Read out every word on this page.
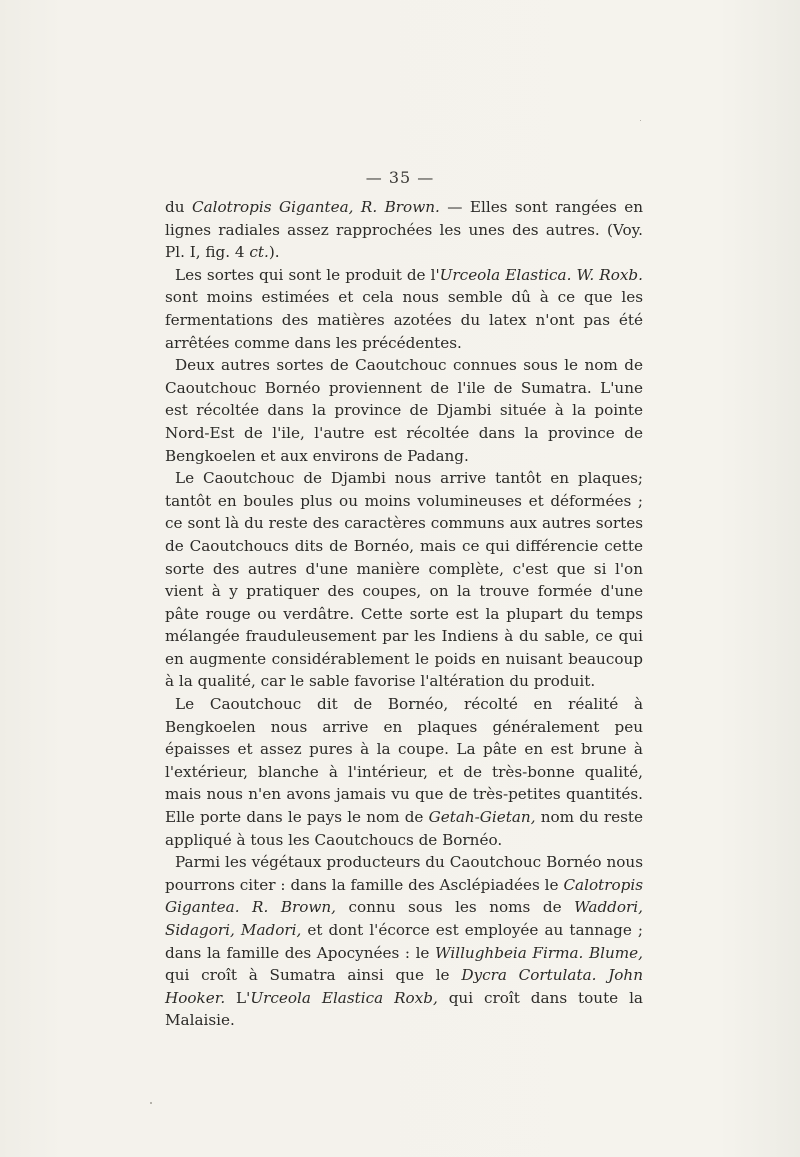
— 35 —

du Calotropis Gigantea, R. Brown. — Elles sont rangées en lignes radiales assez rapprochées les unes des autres. (Voy. Pl. I, fig. 4 ct.).

Les sortes qui sont le produit de l'Urceola Elastica. W. Roxb. sont moins estimées et cela nous semble dû à ce que les fermentations des matières azotées du latex n'ont pas été arrêtées comme dans les précédentes.

Deux autres sortes de Caoutchouc connues sous le nom de Caoutchouc Bornéo proviennent de l'ile de Sumatra. L'une est récoltée dans la province de Djambi située à la pointe Nord-Est de l'ile, l'autre est récoltée dans la province de Bengkoelen et aux environs de Padang.

Le Caoutchouc de Djambi nous arrive tantôt en plaques; tantôt en boules plus ou moins volumineuses et déformées ; ce sont là du reste des caractères communs aux autres sortes de Caoutchoucs dits de Bornéo, mais ce qui différencie cette sorte des autres d'une manière complète, c'est que si l'on vient à y pratiquer des coupes, on la trouve formée d'une pâte rouge ou verdâtre. Cette sorte est la plupart du temps mélangée frauduleusement par les Indiens à du sable, ce qui en augmente considérablement le poids en nuisant beaucoup à la qualité, car le sable favorise l'altération du produit.

Le Caoutchouc dit de Bornéo, récolté en réalité à Bengkoelen nous arrive en plaques généralement peu épaisses et assez pures à la coupe. La pâte en est brune à l'extérieur, blanche à l'intérieur, et de très-bonne qualité, mais nous n'en avons jamais vu que de très-petites quantités. Elle porte dans le pays le nom de Getah-Gietan, nom du reste appliqué à tous les Caoutchoucs de Bornéo.

Parmi les végétaux producteurs du Caoutchouc Bornéo nous pourrons citer : dans la famille des Asclépiadées le Calotropis Gigantea. R. Brown, connu sous les noms de Waddori, Sidagori, Madori, et dont l'écorce est employée au tannage ; dans la famille des Apocynées : le Willughbeia Firma. Blume, qui croît à Sumatra ainsi que le Dycra Cortulata. John Hooker. L'Urceola Elastica Roxb, qui croît dans toute la Malaisie.
